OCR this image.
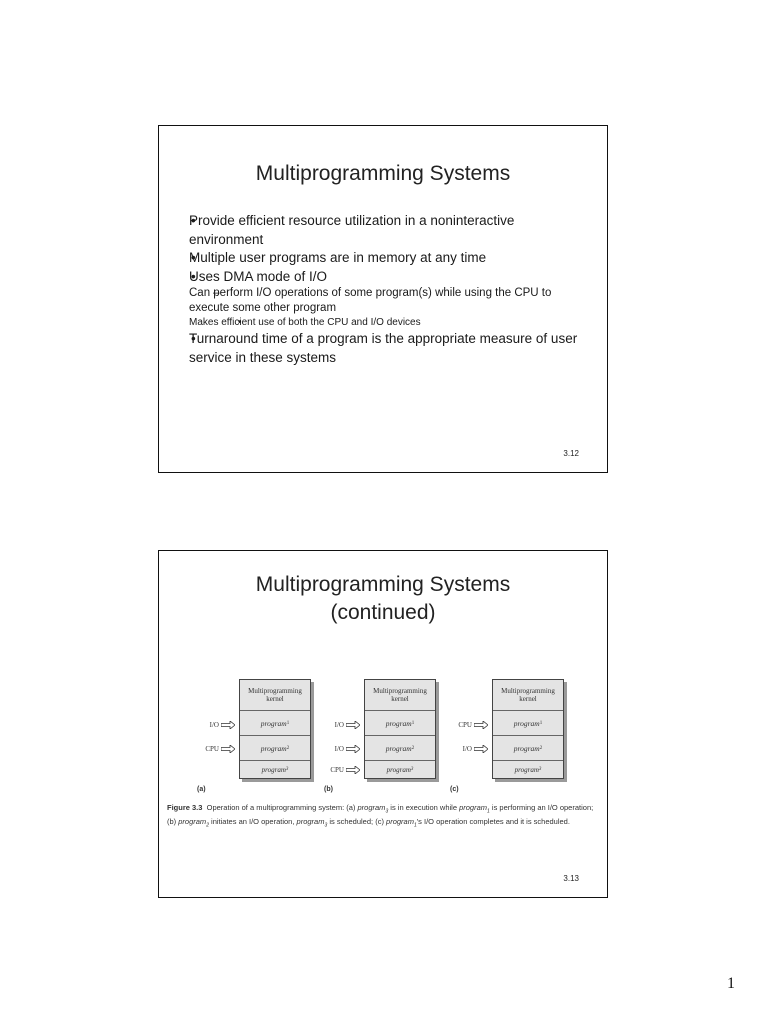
Multiprogramming Systems
• Provide efficient resource utilization in a noninteractive environment
• Multiple user programs are in memory at any time
• Uses DMA mode of I/O
– Can perform I/O operations of some program(s) while using the CPU to execute some other program
• Makes efficient use of both the CPU and I/O devices
• Turnaround time of a program is the appropriate measure of user service in these systems
3.12
Multiprogramming Systems
(continued)
Multiprogramming
kernel
program 1
program 2
program 3
I/O
CPU
(a)
Multiprogramming
kernel
program 1
program 2
program 3
I/O
I/O
CPU
(b)
Multiprogramming
kernel
program 1
program 2
program 3
CPU
I/O
(c)
Figure 3.3 Operation of a multiprogramming system: (a) program$_3$ is in execution while program$_1$ is performing an I/O operation; (b) program$_2$ initiates an I/O operation, program$_3$ is scheduled; (c) program$_1$'s I/O operation completes and it is scheduled.
3.13
1
